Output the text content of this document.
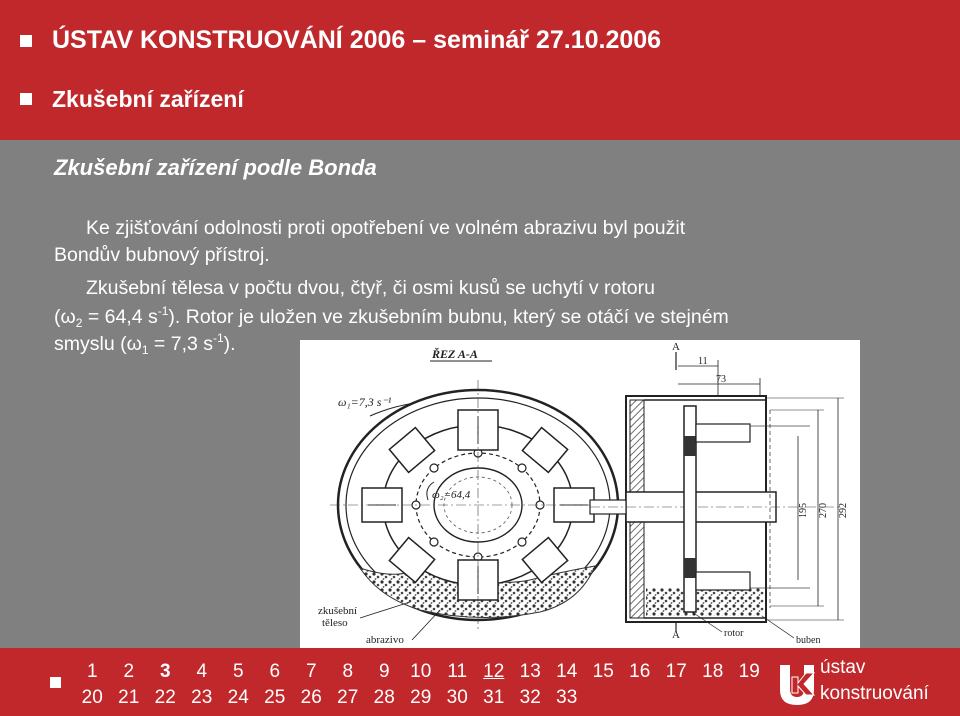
ÚSTAV KONSTRUOVÁNÍ 2006 – seminář 27.10.2006
Zkušební zařízení
Zkušební zařízení podle Bonda
Ke zjišťování odolnosti proti opotřebení ve volném abrazivu byl použit
Bondův bubnový přístroj.
Zkušební tělesa v počtu dvou, čtyř, či osmi kusů se uchytí v rotoru
($\omega_2 = 64,4$ $s^{-1}$). Rotor je uložen ve zkušebním bubnu, který se otáčí ve stejném
smyslu ($\omega_1 = 7,3$ $s^{-1}$).	ŘEZ A-A
ω₁=7,3 s⁻¹
ω₂=64,4
zkušební
těleso
abrazivo
A
A
11
73
195 270 292
rotor
buben
1	2	3	4	5	6	7	8	9	10 11 12 13 14 15 16 17 18 19
20 21 22 23 24 25 26 27 28 29 30 31 32 33
ústav
konstruování
